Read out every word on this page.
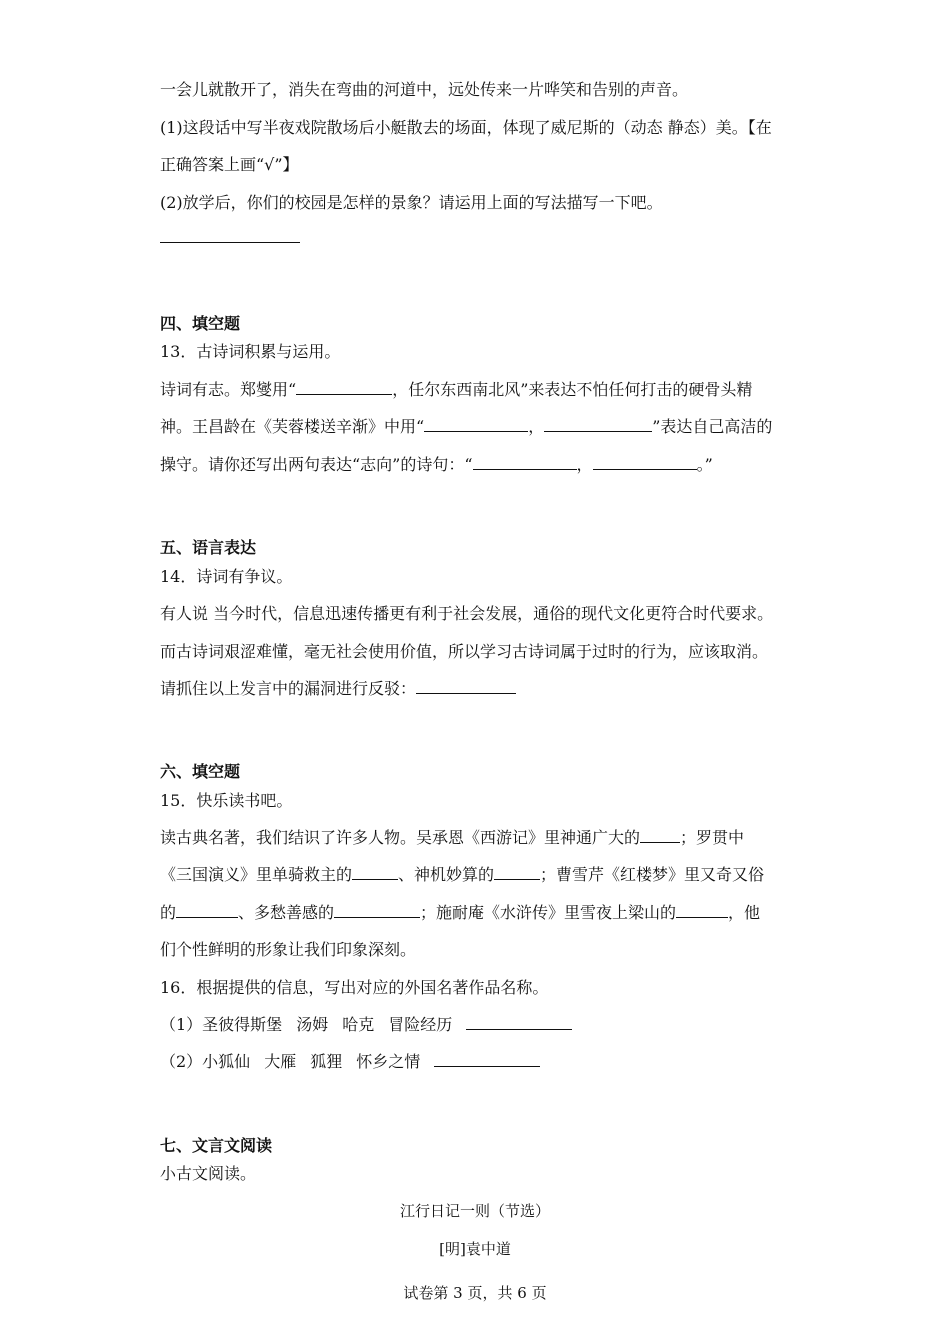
一会儿就散开了，消失在弯曲的河道中，远处传来一片哗笑和告别的声音。
(1)这段话中写半夜戏院散场后小艇散去的场面，体现了威尼斯的（动态 静态）美。【在
正确答案上画“√”】
(2)放学后，你们的校园是怎样的景象？请运用上面的写法描写一下吧。
四、填空题
13．古诗词积累与运用。
诗词有志。郑燮用“	，任尔东西南北风”来表达不怕任何打击的硬骨头精
神。王昌龄在《芙蓉楼送辛渐》中用“	，	”表达自己高洁的
操守。请你还写出两句表达“志向”的诗句：“	，	。”
五、语言表达
14．诗词有争议。
有人说 当今时代，信息迅速传播更有利于社会发展，通俗的现代文化更符合时代要求。
而古诗词艰涩难懂，毫无社会使用价值，所以学习古诗词属于过时的行为，应该取消。
请抓住以上发言中的漏洞进行反驳：
六、填空题
15．快乐读书吧。
读古典名著，我们结识了许多人物。吴承恩《西游记》里神通广大的	；罗贯中
《三国演义》里单骑救主的	、神机妙算的	；曹雪芹《红楼梦》里又奇又俗
的	、多愁善感的	；施耐庵《水浒传》里雪夜上梁山的	，他
们个性鲜明的形象让我们印象深刻。
16．根据提供的信息，写出对应的外国名著作品名称。
（1）圣彼得斯堡 汤姆 哈克 冒险经历
（2）小狐仙 大雁 狐狸 怀乡之情
七、文言文阅读
小古文阅读。
江行日记一则（节选）
[明]袁中道
试卷第 3 页，共 6 页
